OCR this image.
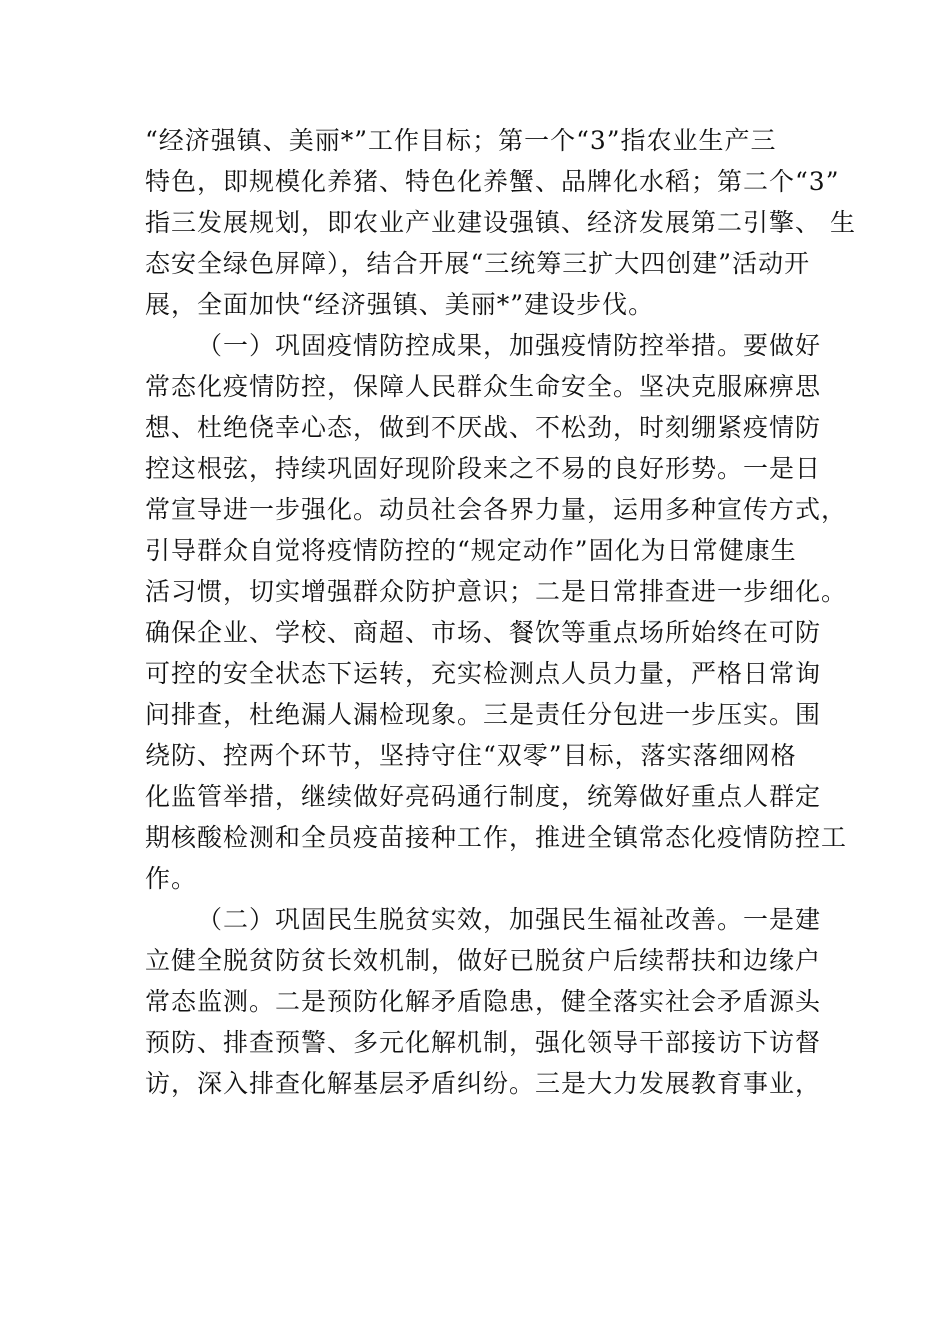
“经济强镇、美丽*”工作目标；第一个“3”指农业生产三
特色，即规模化养猪、特色化养蟹、品牌化水稻；第二个“3”
指三发展规划，即农业产业建设强镇、经济发展第二引擎、 生
态安全绿色屏障），结合开展“三统筹三扩大四创建”活动开
展，全面加快“经济强镇、美丽*”建设步伐。
（一）巩固疫情防控成果，加强疫情防控举措。要做好
常态化疫情防控，保障人民群众生命安全。坚决克服麻痹思
想、杜绝侥幸心态，做到不厌战、不松劲，时刻绷紧疫情防
控这根弦，持续巩固好现阶段来之不易的良好形势。一是日
常宣导进一步强化。动员社会各界力量，运用多种宣传方式，
引导群众自觉将疫情防控的“规定动作”固化为日常健康生
活习惯，切实增强群众防护意识；二是日常排查进一步细化。
确保企业、学校、商超、市场、餐饮等重点场所始终在可防
可控的安全状态下运转，充实检测点人员力量，严格日常询
问排查，杜绝漏人漏检现象。三是责任分包进一步压实。围
绕防、控两个环节，坚持守住“双零”目标，落实落细网格
化监管举措，继续做好亮码通行制度，统筹做好重点人群定
期核酸检测和全员疫苗接种工作，推进全镇常态化疫情防控工
作。
（二）巩固民生脱贫实效，加强民生福祉改善。一是建
立健全脱贫防贫长效机制，做好已脱贫户后续帮扶和边缘户
常态监测。二是预防化解矛盾隐患，健全落实社会矛盾源头
预防、排查预警、多元化解机制，强化领导干部接访下访督
访，深入排查化解基层矛盾纠纷。三是大力发展教育事业，
